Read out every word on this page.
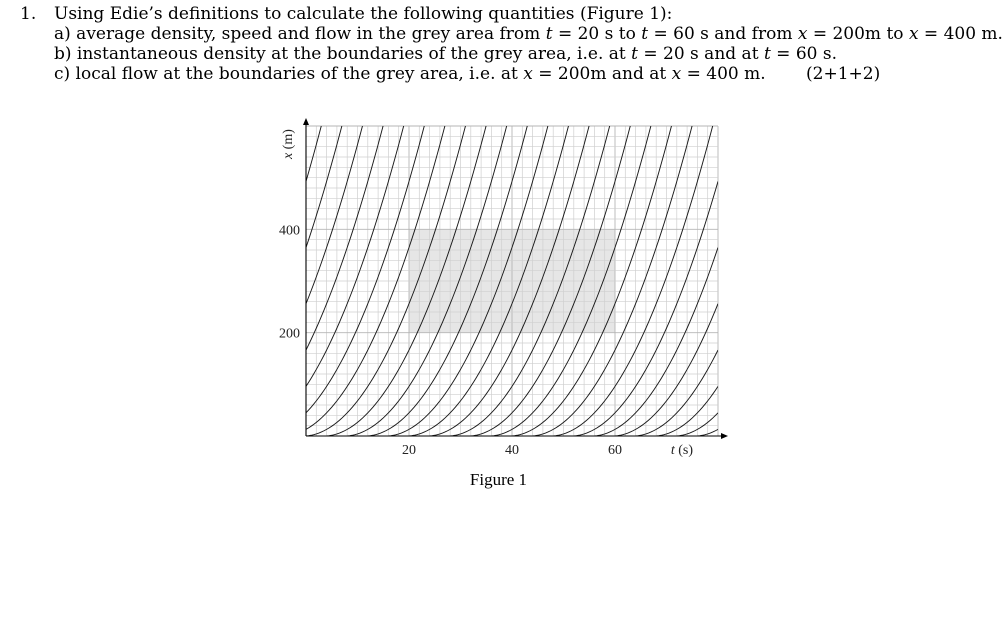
1. Using Edie’s definitions to calculate the following quantities (Figure 1):
a) average density, speed and flow in the grey area from t = 20 s to t = 60 s and from x = 200m to x = 400 m.
b) instantaneous density at the boundaries of the grey area, i.e. at t = 20 s and at t = 60 s.
c) local flow at the boundaries of the grey area, i.e. at x = 200m and at x = 400 m. (2+1+2)
20	40	60
200
400
t (s)
x (m)
Figure 1
